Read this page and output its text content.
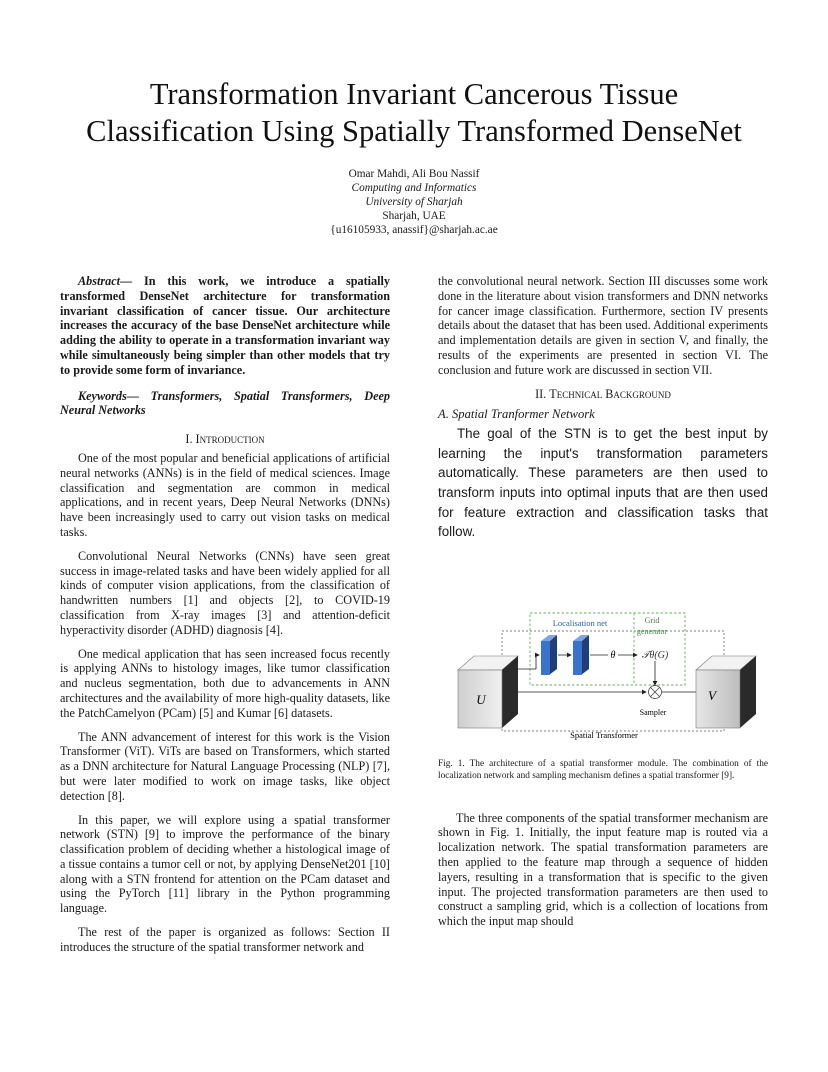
Transformation Invariant Cancerous Tissue
Classification Using Spatially Transformed DenseNet
Omar Mahdi, Ali Bou Nassif
Computing and Informatics
University of Sharjah
Sharjah, UAE
{u16105933, anassif}@sharjah.ac.ae

Abstract— In this work, we introduce a spatially transformed DenseNet architecture for transformation invariant classification of cancer tissue. Our architecture increases the accuracy of the base DenseNet architecture while adding the ability to operate in a transformation invariant way while simultaneously being simpler than other models that try to provide some form of invariance.

Keywords— Transformers, Spatial Transformers, Deep Neural Networks

I. Introduction

One of the most popular and beneficial applications of artificial neural networks (ANNs) is in the field of medical sciences. Image classification and segmentation are common in medical applications, and in recent years, Deep Neural Networks (DNNs) have been increasingly used to carry out vision tasks on medical tasks.

Convolutional Neural Networks (CNNs) have seen great success in image-related tasks and have been widely applied for all kinds of computer vision applications, from the classification of handwritten numbers [1] and objects [2], to COVID-19 classification from X-ray images [3] and attention-deficit hyperactivity disorder (ADHD) diagnosis [4].

One medical application that has seen increased focus recently is applying ANNs to histology images, like tumor classification and nucleus segmentation, both due to advancements in ANN architectures and the availability of more high-quality datasets, like the PatchCamelyon (PCam) [5] and Kumar [6] datasets.

The ANN advancement of interest for this work is the Vision Transformer (ViT). ViTs are based on Transformers, which started as a DNN architecture for Natural Language Processing (NLP) [7], but were later modified to work on image tasks, like object detection [8].

In this paper, we will explore using a spatial transformer network (STN) [9] to improve the performance of the binary classification problem of deciding whether a histological image of a tissue contains a tumor cell or not, by applying DenseNet201 [10] along with a STN frontend for attention on the PCam dataset and using the PyTorch [11] library in the Python programming language.

The rest of the paper is organized as follows: Section II introduces the structure of the spatial transformer network and

the convolutional neural network. Section III discusses some work done in the literature about vision transformers and DNN networks for cancer image classification. Furthermore, section IV presents details about the dataset that has been used. Additional experiments and implementation details are given in section V, and finally, the results of the experiments are presented in section VI. The conclusion and future work are discussed in section VII.

II. Technical Background

A. Spatial Tranformer Network

The goal of the STN is to get the best input by learning the input's transformation parameters automatically. These parameters are then used to transform inputs into optimal inputs that are then used for feature extraction and classification tasks that follow.

Localisation net	Grid
generator
θ	𝒯θ(G)
Sampler
U	V
Spatial Transformer

Fig. 1. The architecture of a spatial transformer module. The combination of the localization network and sampling mechanism defines a spatial transformer [9].

The three components of the spatial transformer mechanism are shown in Fig. 1. Initially, the input feature map is routed via a localization network. The spatial transformation parameters are then applied to the feature map through a sequence of hidden layers, resulting in a transformation that is specific to the given input. The projected transformation parameters are then used to construct a sampling grid, which is a collection of locations from which the input map should
